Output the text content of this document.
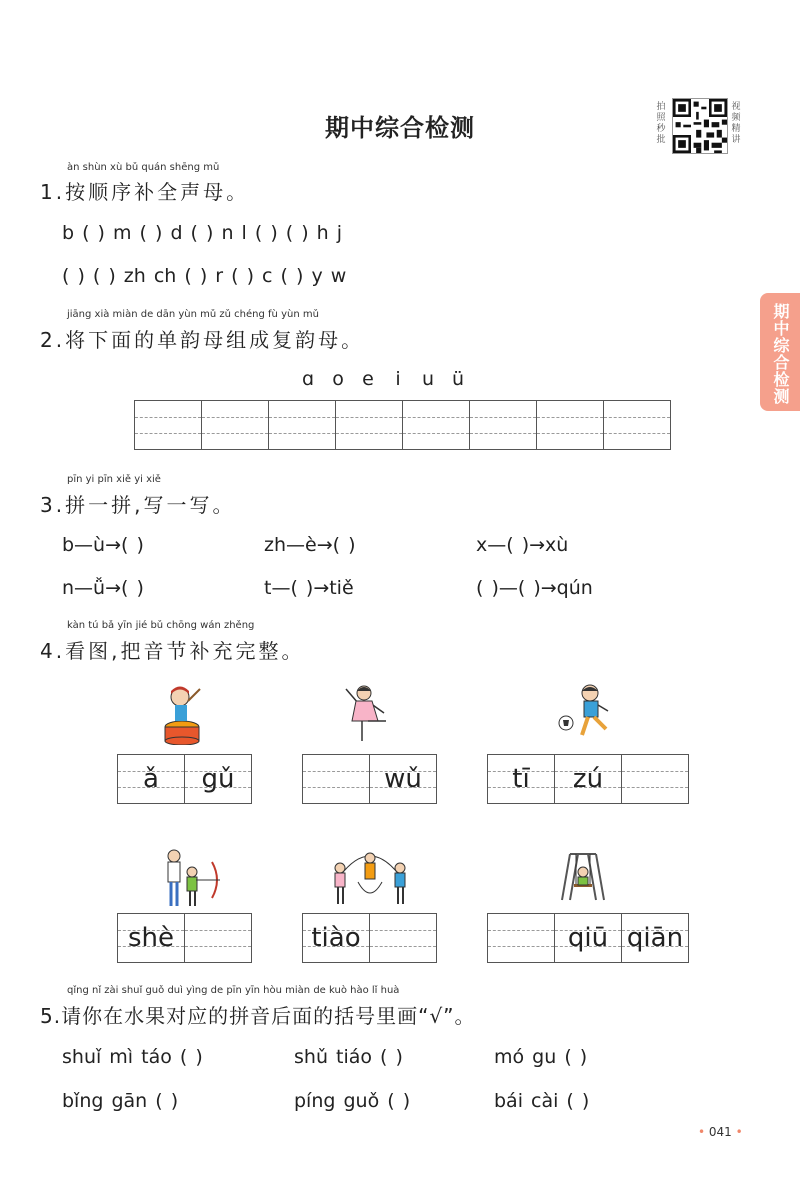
期中综合检测
拍照秒批
视频精讲
期中综合检测
àn shùn xù bǔ quán shēng mǔ
1.按顺序补全声母。
b ( ) m ( ) d ( ) n l ( ) ( ) h j
( ) ( ) zh ch ( ) r ( ) c ( ) y w
jiāng xià miàn de dān yùn mǔ zǔ chéng fù yùn mǔ
2.将下面的单韵母组成复韵母。
ɑ o e i u ü
pīn yi pīn xiě yi xiě
3.拼一拼,写一写。
b—ù→( )	zh—è→( )	x—( )→xù
n—ǚ→( )	t—( )→tiě	( )—( )→qún
kàn tú bǎ yīn jié bǔ chōng wán zhěng
4.看图,把音节补充完整。
ǎ gǔ	wǔ	tī zú
shè	tiào	qiū qiān
qǐng nǐ zài shuǐ guǒ duì yìng de pīn yīn hòu miàn de kuò hào lǐ huà
5.请你在水果对应的拼音后面的括号里画“√”。
shuǐ mì táo ( )	shǔ tiáo ( )	mó gu ( )
bǐng gān ( )	píng guǒ ( )	bái cài ( )
• 041 •
